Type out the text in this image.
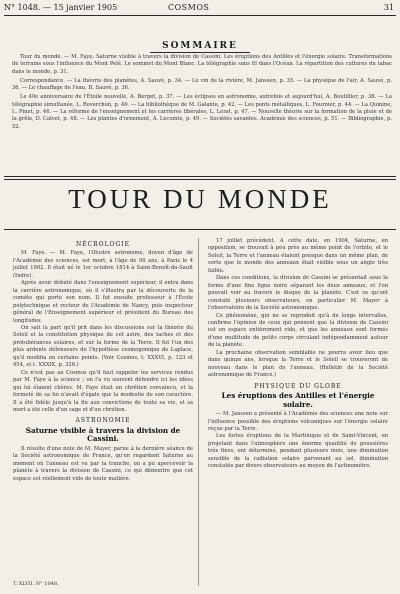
N° 1048. — 15 janvier 1905	COSMOS	31
SOMMAIRE

Tour du monde. — M. Faye. Saturne visible à travers la division de Cassini. Les éruptions des Antilles et l'énergie solaire. Transformations de terrains sous l'influence du Mont Pelé. Le sommet du Mont Blanc. La télégraphie sans fil dans l'Océan. La répartition des cultures du tabac dans le monde, p. 31.

Correspondance. — La théorie des planètes, A. Sauvé, p. 34. — Le vin de la rivière, M. Janssen, p. 35. — La physique de l'air, A. Sauvé, p. 36. — Le chauffage de l'eau, B. Sauvé, p. 36.

Le 40e anniversaire de l'Étoile nouvelle, A. Berget, p. 37. — Les éclipses en astronomie, autrefois et aujourd'hui, A. Boutillier, p. 38. — La télégraphie simultanée, L. Reverchon, p. 40. — La bibliothèque de M. Galante, p. 42. — Les ponts métalliques, L. Fournier, p. 44. — La Quinine, L. Pinet, p. 46. — La réforme de l'enseignement et les carrières libérales, L. Lerat, p. 47. — Nouvelle théorie sur la formation de la pluie et de la grêle, D. Calvet, p. 48. — Les plantes d'ornement, A. Lecomte, p. 49. — Sociétés savantes. Académie des sciences, p. 51. — Bibliographie, p. 52.

TOUR DU MONDE

NÉCROLOGIE

M. Faye. — M. Faye, l'illustre astronome, doyen d'âge de l'Académie des sciences, est mort, à l'âge de 90 ans, à Paris le 4 juillet 1902. Il était né le 1er octobre 1814 à Saint-Benoît-du-Sault (Indre).

Après avoir débuté dans l'enseignement supérieur, il entra dans la carrière astronomique, où il s'illustra par la découverte de la comète qui porte son nom. Il fut ensuite professeur à l'École polytechnique et recteur de l'Académie de Nancy, puis inspecteur général de l'Enseignement supérieur et président du Bureau des longitudes.

On sait la part qu'il prit dans les discussions sur la théorie du Soleil et la constitution physique de cet astre, des taches et des protubérances solaires, et sur la forme de la Terre. Il fut l'un des plus ardents défenseurs de l'hypothèse cosmogonique de Laplace, qu'il modifia en certains points. (Voir Cosmos, t. XXXVI, p. 123 et 454, et t. XXXIX, p. 326.)

Ce n'est pas au Cosmos qu'il faut rappeler les services rendus par M. Faye à la science ; on l'a vu souvent défendre ici les idées qui lui étaient chères. M. Faye était un chrétien convaincu, et la fermeté de sa foi n'avait d'égale que la modestie de son caractère. Il a été fidèle jusqu'à la fin aux convictions de toute sa vie, et sa mort a été celle d'un sage et d'un chrétien.

ASTRONOMIE

Saturne visible à travers la division de Cassini.

Il résulte d'une note de M. Mayer, parue à la dernière séance de la Société astronomique de France, qu'en regardant Saturne au moment où l'anneau est vu par la tranche, on a pu apercevoir la planète à travers la division de Cassini, ce qui démontre que cet espace est réellement vide de toute matière.

17 juillet précédent. A cette date, en 1904, Saturne, en opposition, se trouvait à peu près au même point de l'orbite, et le Soleil, la Terre et l'anneau étaient presque dans un même plan, de sorte que le monde des anneaux était visible sous un angle très faible.

Dans ces conditions, la division de Cassini se présentait sous la forme d'une fine ligne noire séparant les deux anneaux, et l'on pouvait voir au travers le disque de la planète. C'est ce qu'ont constaté plusieurs observateurs, en particulier M. Mayer à l'observatoire de la Société astronomique.

Ce phénomène, qui ne se reproduit qu'à de longs intervalles, confirme l'opinion de ceux qui pensent que la division de Cassini est un espace entièrement vide, et que les anneaux sont formés d'une multitude de petits corps circulant indépendamment autour de la planète.

La prochaine observation semblable ne pourra avoir lieu que dans quinze ans, lorsque la Terre et le Soleil se trouveront de nouveau dans le plan de l'anneau. (Bulletin de la Société astronomique de France.)

PHYSIQUE DU GLOBE

Les éruptions des Antilles et l'énergie solaire.

— M. Janssen a présenté à l'Académie des sciences une note sur l'influence possible des éruptions volcaniques sur l'énergie solaire reçue par la Terre.

Les fortes éruptions de la Martinique et de Saint-Vincent, en projetant dans l'atmosphère une énorme quantité de poussières très fines, ont déterminé, pendant plusieurs mois, une diminution sensible de la radiation solaire parvenant au sol, diminution constatée par divers observateurs au moyen de l'actinomètre.

T. XLVII. N° 1048.
